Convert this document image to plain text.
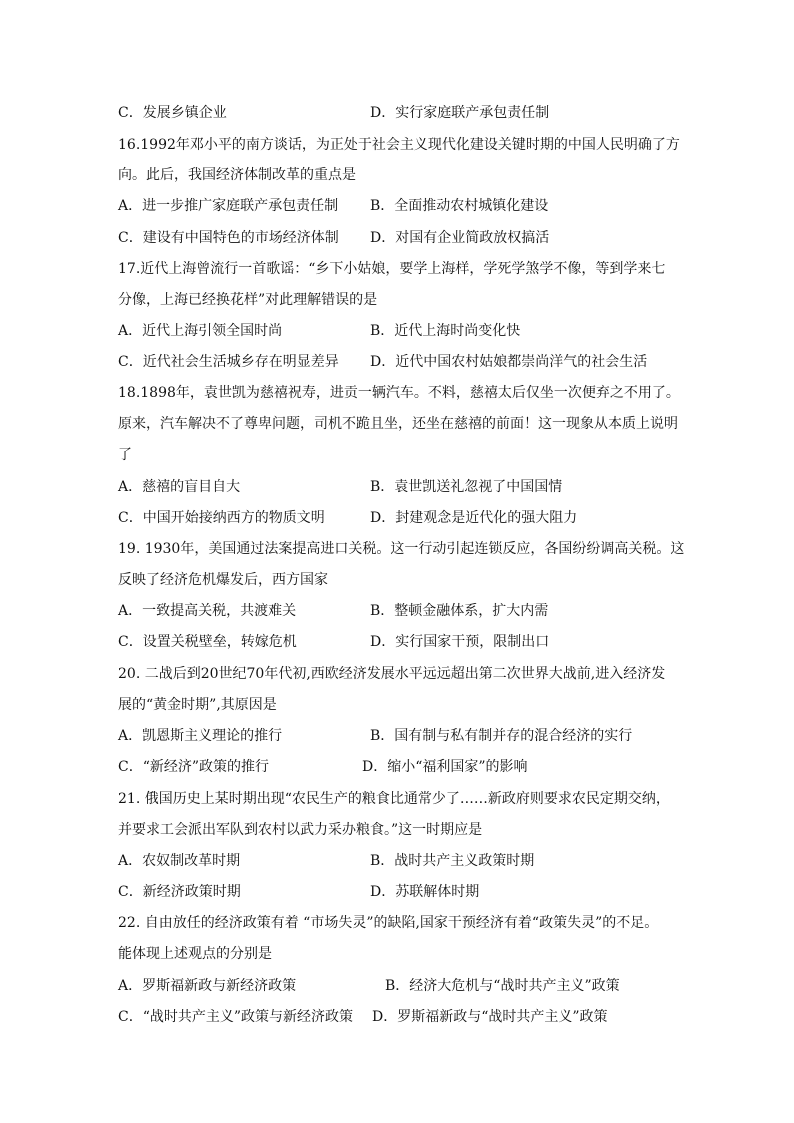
C．发展乡镇企业	D．实行家庭联产承包责任制
16.1992年邓小平的南方谈话，为正处于社会主义现代化建设关键时期的中国人民明确了方
向。此后，我国经济体制改革的重点是
A．进一步推广家庭联产承包责任制 B．全面推动农村城镇化建设
C．建设有中国特色的市场经济体制 D．对国有企业简政放权搞活
17.近代上海曾流行一首歌谣：“乡下小姑娘，要学上海样，学死学煞学不像，等到学来七
分像，上海已经换花样”对此理解错误的是
A．近代上海引领全国时尚	B．近代上海时尚变化快
C．近代社会生活城乡存在明显差异 D．近代中国农村姑娘都崇尚洋气的社会生活
18.1898年，袁世凯为慈禧祝寿，进贡一辆汽车。不料，慈禧太后仅坐一次便弃之不用了。
原来，汽车解决不了尊卑问题，司机不跪且坐，还坐在慈禧的前面！这一现象从本质上说明
了
A．慈禧的盲目自大	B．袁世凯送礼忽视了中国国情
C．中国开始接纳西方的物质文明	D．封建观念是近代化的强大阻力
19. 1930年，美国通过法案提高进口关税。这一行动引起连锁反应，各国纷纷调高关税。这
反映了经济危机爆发后，西方国家
A．一致提高关税，共渡难关	B．整顿金融体系，扩大内需
C．设置关税壁垒，转嫁危机	D．实行国家干预，限制出口
20. 二战后到20世纪70年代初,西欧经济发展水平远远超出第二次世界大战前,进入经济发
展的“黄金时期”,其原因是
A．凯恩斯主义理论的推行	B．国有制与私有制并存的混合经济的实行
C．“新经济”政策的推行	D．缩小“福利国家”的影响
21. 俄国历史上某时期出现“农民生产的粮食比通常少了……新政府则要求农民定期交纳，
并要求工会派出军队到农村以武力采办粮食。”这一时期应是
A．农奴制改革时期	B．战时共产主义政策时期
C．新经济政策时期	D．苏联解体时期
22. 自由放任的经济政策有着 “市场失灵”的缺陷,国家干预经济有着“政策失灵”的不足。
能体现上述观点的分别是
A．罗斯福新政与新经济政策	B．经济大危机与“战时共产主义”政策
C．“战时共产主义”政策与新经济政策 D．罗斯福新政与“战时共产主义”政策
